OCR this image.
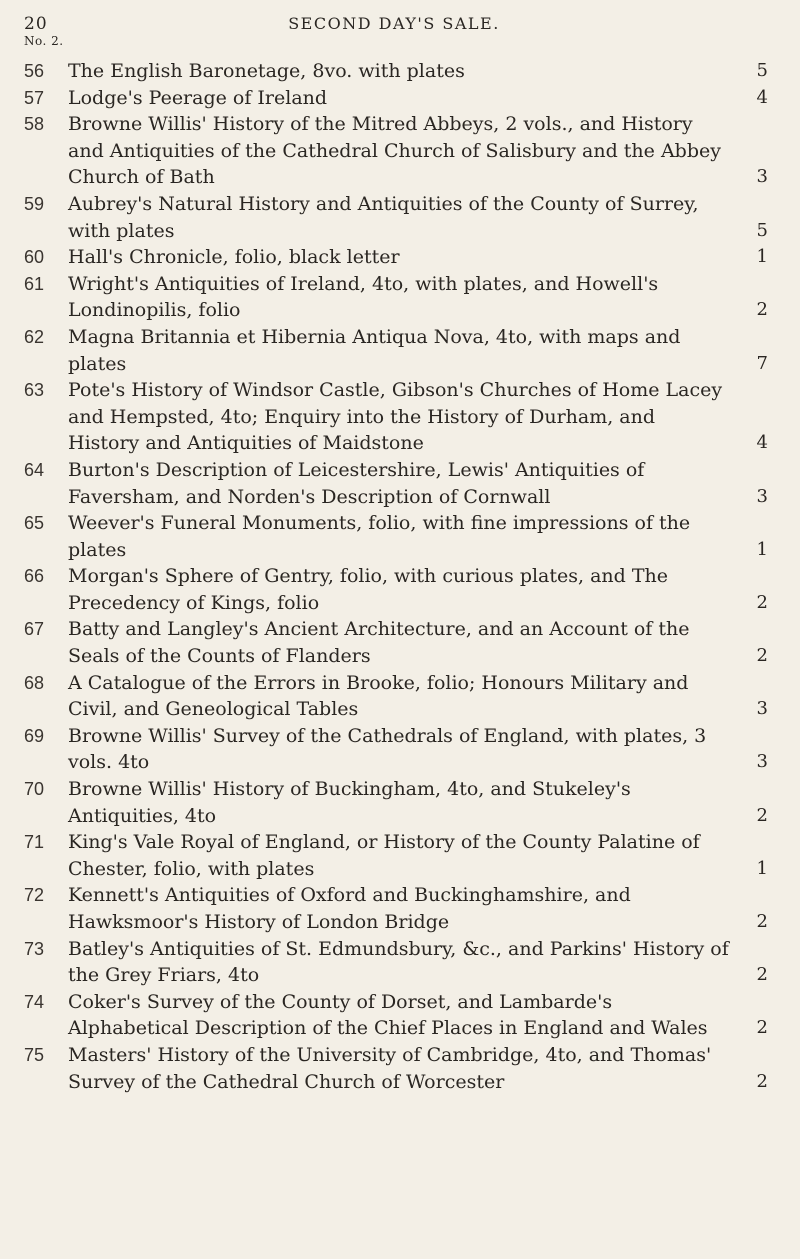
20	SECOND DAY'S SALE.
No. 2.
56	The English Baronetage, 8vo. with plates	5
57	Lodge's Peerage of Ireland	4
58	Browne Willis' History of the Mitred Abbeys, 2 vols., and History and Antiquities of the Cathedral Church of Salisbury and the Abbey Church of Bath	3
59	Aubrey's Natural History and Antiquities of the County of Surrey, with plates	5
60	Hall's Chronicle, folio, black letter	1
61	Wright's Antiquities of Ireland, 4to, with plates, and Howell's Londinopilis, folio	2
62	Magna Britannia et Hibernia Antiqua Nova, 4to, with maps and plates	7
63	Pote's History of Windsor Castle, Gibson's Churches of Home Lacey and Hempsted, 4to; Enquiry into the History of Durham, and History and Antiquities of Maidstone	4
64	Burton's Description of Leicestershire, Lewis' Antiquities of Faversham, and Norden's Description of Cornwall	3
65	Weever's Funeral Monuments, folio, with fine impressions of the plates	1
66	Morgan's Sphere of Gentry, folio, with curious plates, and The Precedency of Kings, folio	2
67	Batty and Langley's Ancient Architecture, and an Account of the Seals of the Counts of Flanders	2
68	A Catalogue of the Errors in Brooke, folio; Honours Military and Civil, and Geneological Tables	3
69	Browne Willis' Survey of the Cathedrals of England, with plates, 3 vols. 4to	3
70	Browne Willis' History of Buckingham, 4to, and Stukeley's Antiquities, 4to	2
71	King's Vale Royal of England, or History of the County Palatine of Chester, folio, with plates	1
72	Kennett's Antiquities of Oxford and Buckinghamshire, and Hawksmoor's History of London Bridge	2
73	Batley's Antiquities of St. Edmundsbury, &c., and Parkins' History of the Grey Friars, 4to	2
74	Coker's Survey of the County of Dorset, and Lambarde's Alphabetical Description of the Chief Places in England and Wales	2
75	Masters' History of the University of Cambridge, 4to, and Thomas' Survey of the Cathedral Church of Worcester	2
